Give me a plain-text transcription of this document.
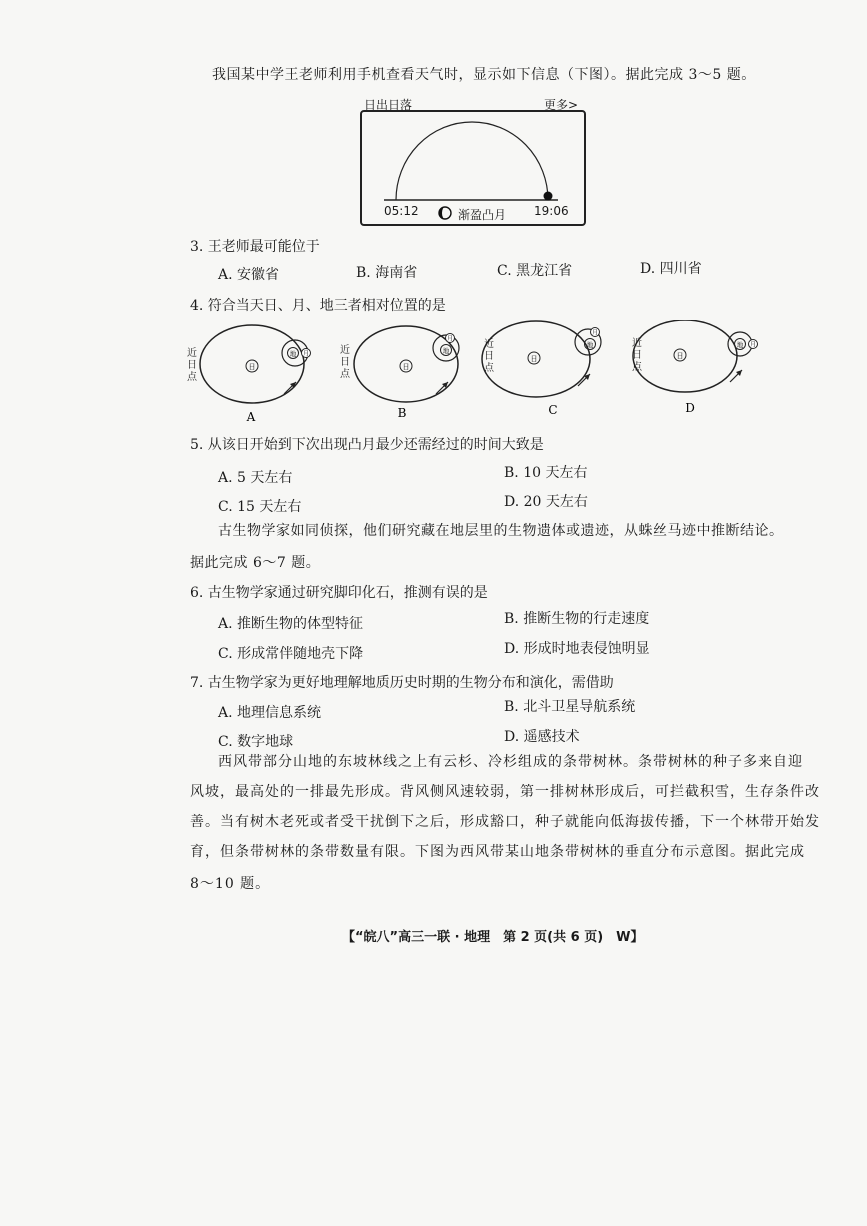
我国某中学王老师利用手机查看天气时，显示如下信息（下图）。据此完成 3～5 题。
日出日落	更多>
05:12	渐盈凸月 19:06
3. 王老师最可能位于
A. 安徽省	B. 海南省	C. 黑龙江省	D. 四川省
4. 符合当天日、月、地三者相对位置的是
日
地 月
A
日
地
月
B
日
地
月
C
日
地 月
D
近日点
近日点
近日点
近日点
5. 从该日开始到下次出现凸月最少还需经过的时间大致是
A. 5 天左右	B. 10 天左右
C. 15 天左右	D. 20 天左右
古生物学家如同侦探，他们研究藏在地层里的生物遗体或遗迹，从蛛丝马迹中推断结论。
据此完成 6～7 题。
6. 古生物学家通过研究脚印化石，推测有误的是
A. 推断生物的体型特征	B. 推断生物的行走速度
C. 形成常伴随地壳下降	D. 形成时地表侵蚀明显
7. 古生物学家为更好地理解地质历史时期的生物分布和演化，需借助
A. 地理信息系统	B. 北斗卫星导航系统
C. 数字地球	D. 遥感技术
西风带部分山地的东坡林线之上有云杉、冷杉组成的条带树林。条带树林的种子多来自迎
风坡，最高处的一排最先形成。背风侧风速较弱，第一排树林形成后，可拦截积雪，生存条件改
善。当有树木老死或者受干扰倒下之后，形成豁口，种子就能向低海拔传播，下一个林带开始发
育，但条带树林的条带数量有限。下图为西风带某山地条带树林的垂直分布示意图。据此完成
8～10 题。
【“皖八”高三一联 · 地理　第 2 页(共 6 页)　W】
